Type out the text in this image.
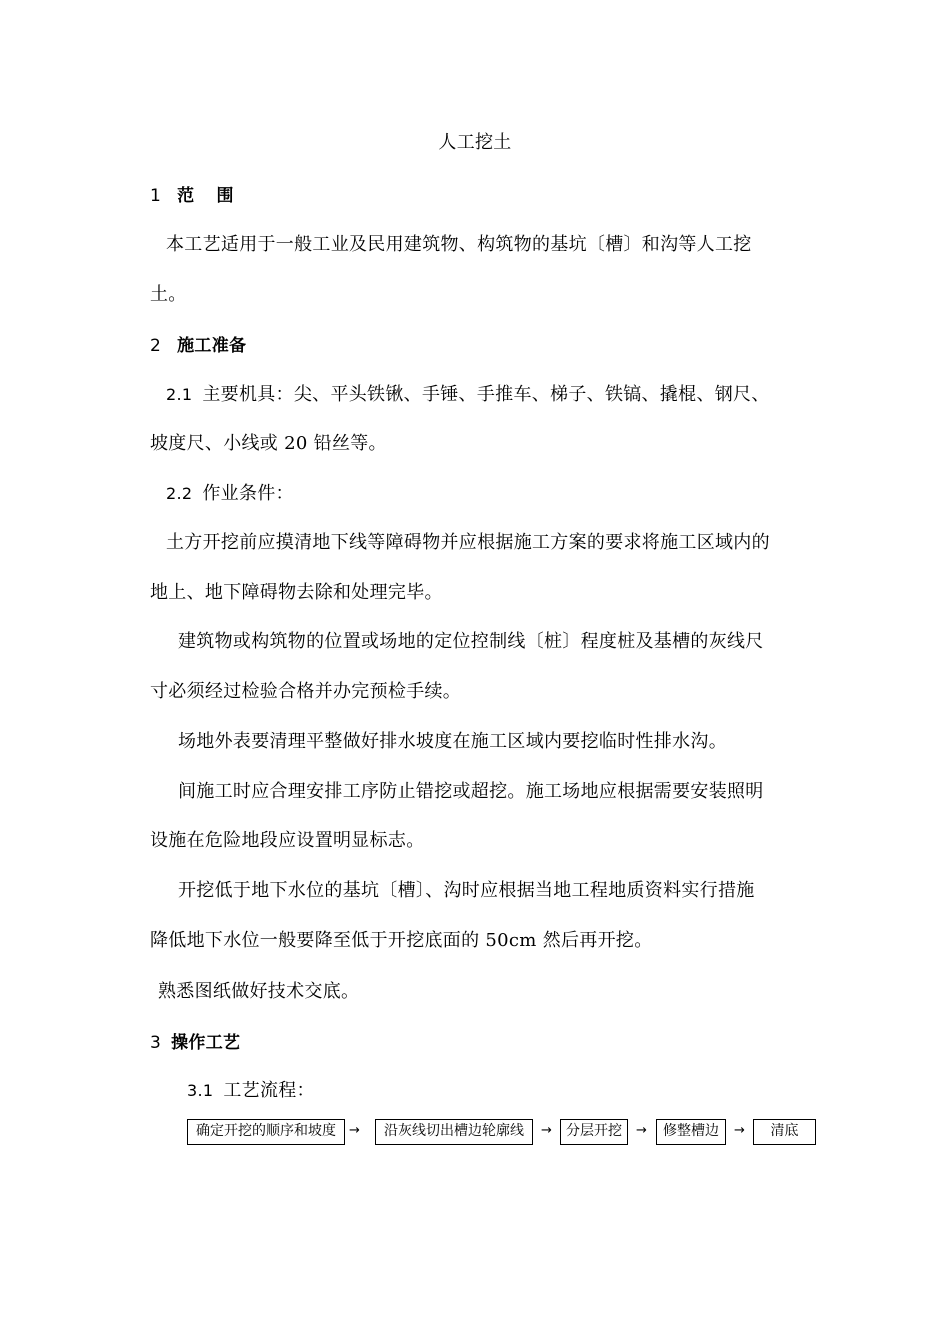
人工挖土
1 范 围
本工艺适用于一般工业及民用建筑物、构筑物的基坑〔槽〕和沟等人工挖
土。
2 施工准备
2.1 主要机具：尖、平头铁锹、手锤、手推车、梯子、铁镐、撬棍、钢尺、
坡度尺、小线或 20 铅丝等。
2.2 作业条件：
土方开挖前应摸清地下线等障碍物并应根据施工方案的要求将施工区域内的
地上、地下障碍物去除和处理完毕。
建筑物或构筑物的位置或场地的定位控制线〔桩〕程度桩及基槽的灰线尺
寸必须经过检验合格并办完预检手续。
场地外表要清理平整做好排水坡度在施工区域内要挖临时性排水沟。
间施工时应合理安排工序防止错挖或超挖。施工场地应根据需要安装照明
设施在危险地段应设置明显标志。
开挖低于地下水位的基坑〔槽〕、沟时应根据当地工程地质资料实行措施
降低地下水位一般要降至低于开挖底面的 50cm 然后再开挖。
熟悉图纸做好技术交底。
3 操作工艺
3.1 工艺流程：
确定开挖的顺序和坡度	→	沿灰线切出槽边轮廓线	→	分层开挖	→	修整槽边	→	清底
